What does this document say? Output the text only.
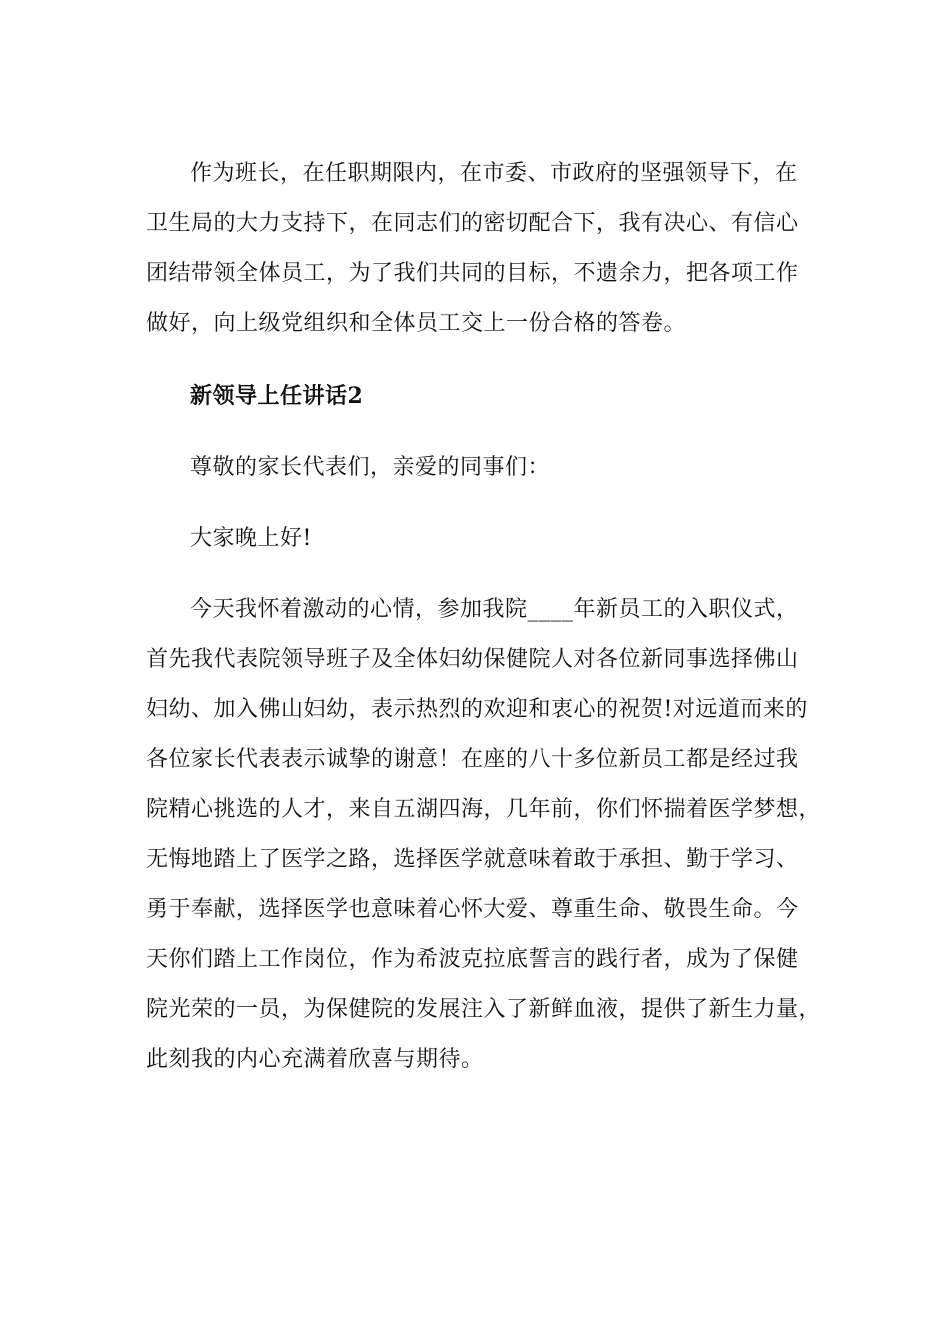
作为班长，在任职期限内，在市委、市政府的坚强领导下，在
卫生局的大力支持下，在同志们的密切配合下，我有决心、有信心
团结带领全体员工，为了我们共同的目标，不遗余力，把各项工作
做好，向上级党组织和全体员工交上一份合格的答卷。
新领导上任讲话2
尊敬的家长代表们，亲爱的同事们：
大家晚上好!
今天我怀着激动的心情，参加我院____年新员工的入职仪式，
首先我代表院领导班子及全体妇幼保健院人对各位新同事选择佛山
妇幼、加入佛山妇幼，表示热烈的欢迎和衷心的祝贺!对远道而来的
各位家长代表表示诚挚的谢意！在座的八十多位新员工都是经过我
院精心挑选的人才，来自五湖四海，几年前，你们怀揣着医学梦想，
无悔地踏上了医学之路，选择医学就意味着敢于承担、勤于学习、
勇于奉献，选择医学也意味着心怀大爱、尊重生命、敬畏生命。今
天你们踏上工作岗位，作为希波克拉底誓言的践行者，成为了保健
院光荣的一员，为保健院的发展注入了新鲜血液，提供了新生力量，
此刻我的内心充满着欣喜与期待。
